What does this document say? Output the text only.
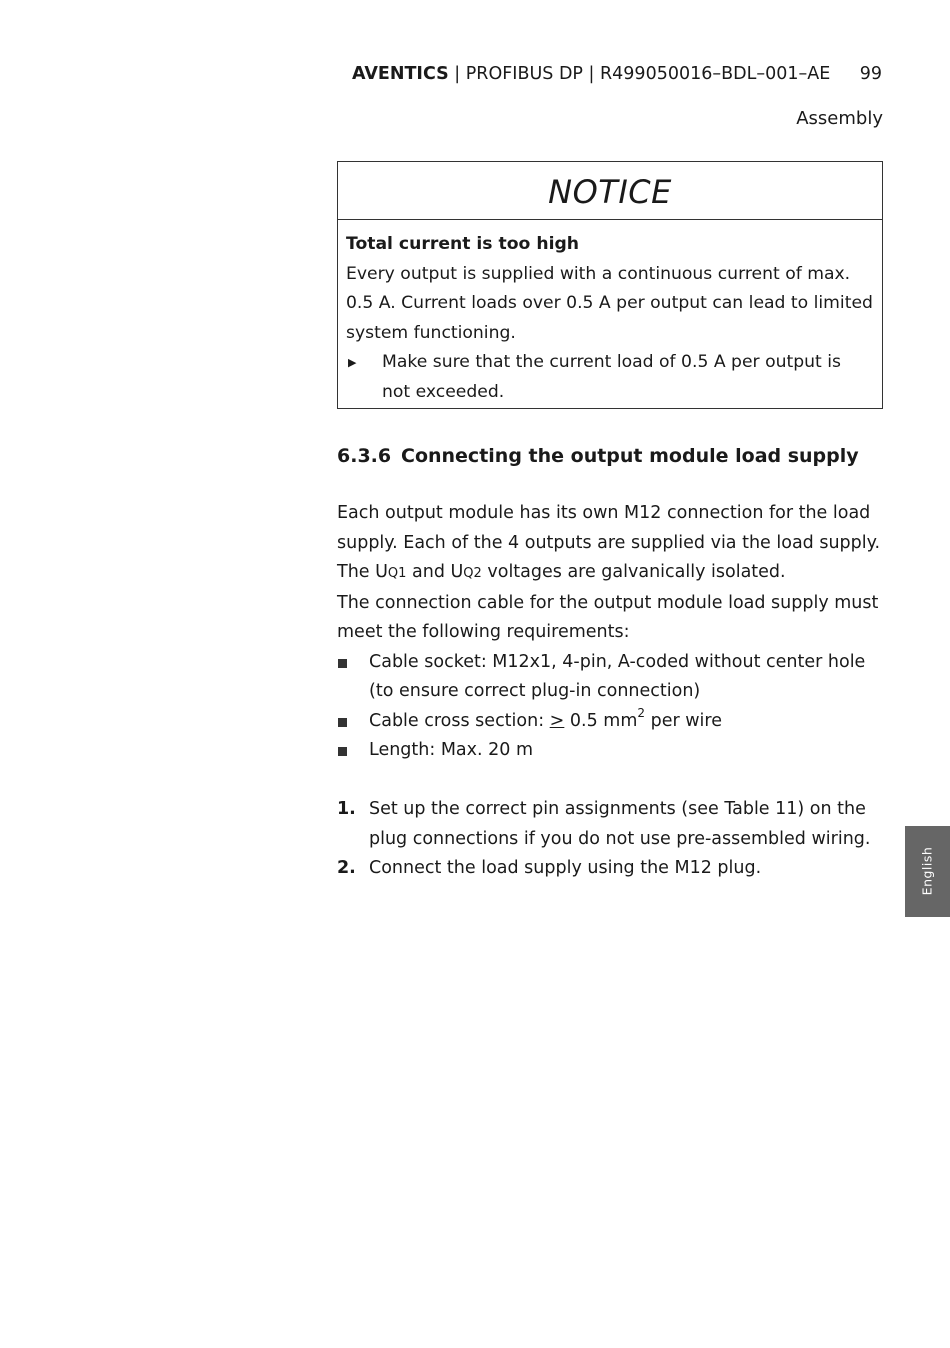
AVENTICS | PROFIBUS DP | R499050016–BDL–001–AE 99
Assembly
NOTICE
Total current is too high
Every output is supplied with a continuous current of max. 0.5 A. Current loads over 0.5 A per output can lead to limited system functioning.
▶ Make sure that the current load of 0.5 A per output is not exceeded.
6.3.6 Connecting the output module load supply

Each output module has its own M12 connection for the load supply. Each of the 4 outputs are supplied via the load supply. The UQ1 and UQ2 voltages are galvanically isolated.

The connection cable for the output module load supply must meet the following requirements:

Cable socket: M12x1, 4-pin, A-coded without center hole (to ensure correct plug-in connection)
Cable cross section: > 0.5 $mm^2$ per wire
Length: Max. 20 m
1. Set up the correct pin assignments (see Table 11) on the plug connections if you do not use pre-assembled wiring.
2. Connect the load supply using the M12 plug.	English
